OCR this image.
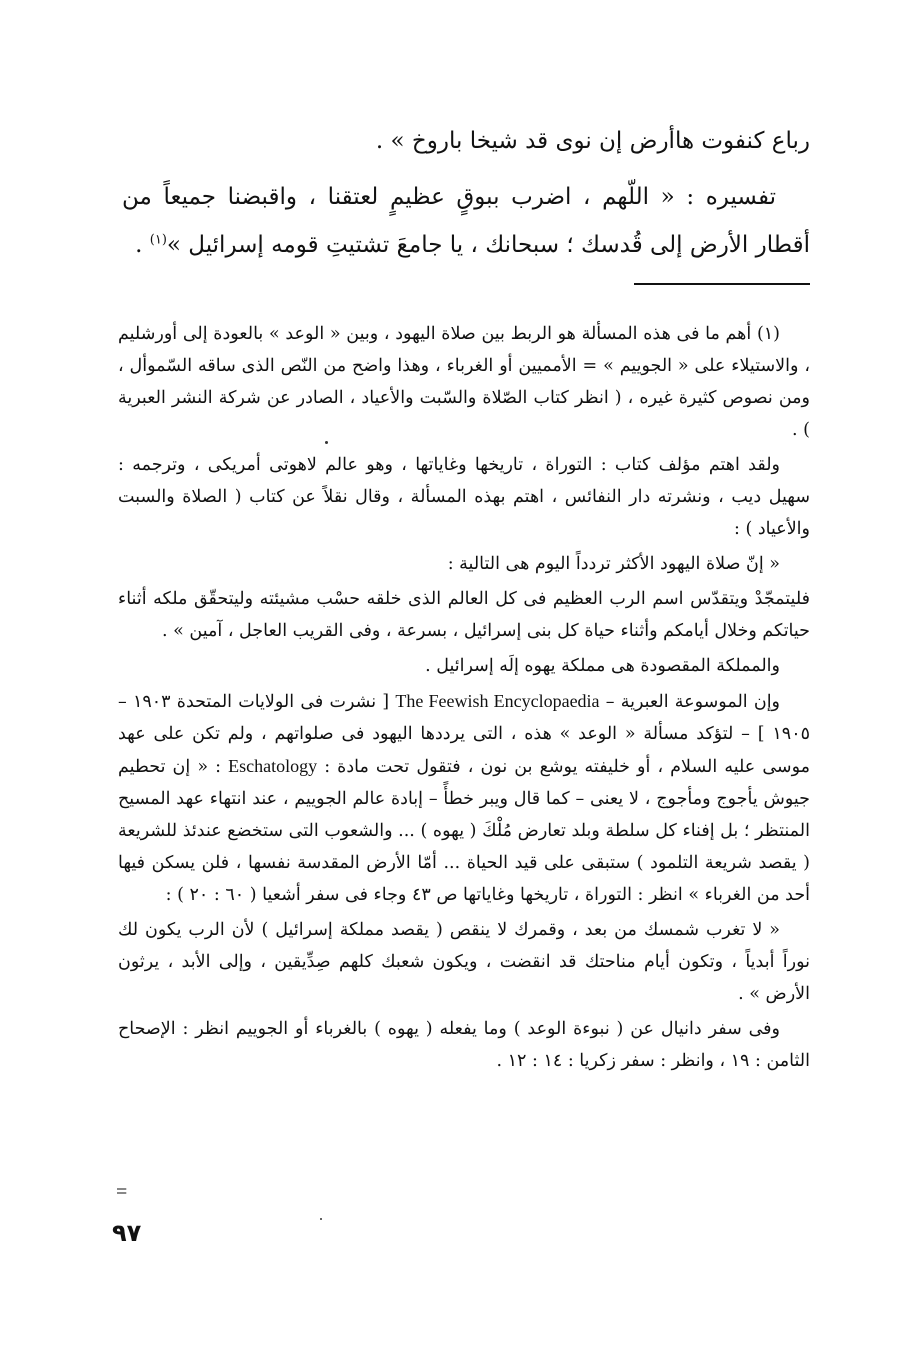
رباع كنفوت هاأرض إن نوى قد شيخا باروخ » .

تفسيره : « اللّهم ، اضرب ببوقٍ عظيمٍ لعتقنا ، واقبضنا جميعاً من أقطار الأرض إلى قُدسك ؛ سبحانك ، يا جامعَ تشتيتِ قومه إسرائيل »$^{(١)}$ .

(١) أهم ما فى هذه المسألة هو الربط بين صلاة اليهود ، وبين « الوعد » بالعودة إلى أورشليم ، والاستيلاء على « الجوييم » = الأمميين أو الغرباء ، وهذا واضح من النّص الذى ساقه السّموأل ، ومن نصوص كثيرة غيره ، ( انظر كتاب الصّلاة والسّبت والأعياد ، الصادر عن شركة النشر العبرية ) .

ولقد اهتم مؤلف كتاب : التوراة ، تاريخها وغاياتها ، وهو عالم لاهوتى أمريكى ، وترجمه : سهيل ديب ، ونشرته دار النفائس ، اهتم بهذه المسألة ، وقال نقلاً عن كتاب ( الصلاة والسبت والأعياد ) :

« إنّ صلاة اليهود الأكثر تردداً اليوم هى التالية :

فليتمجّدْ ويتقدّس اسم الرب العظيم فى كل العالم الذى خلقه حسْب مشيئته وليتحقّق ملكه أثناء حياتكم وخلال أيامكم وأثناء حياة كل بنى إسرائيل ، بسرعة ، وفى القريب العاجل ، آمين » .

والمملكة المقصودة هى مملكة يهوه إلَه إسرائيل .

وإن الموسوعة العبرية – The Feewish Encyclopaedia [ نشرت فى الولايات المتحدة ١٩٠٣ – ١٩٠٥ ] – لتؤكد مسألة « الوعد » هذه ، التى يرددها اليهود فى صلواتهم ، ولم تكن على عهد موسى عليه السلام ، أو خليفته يوشع بن نون ، فتقول تحت مادة : Eschatology : « إن تحطيم جيوش يأجوج ومأجوج ، لا يعنى – كما قال ويبر خطأً – إبادة عالم الجوييم ، عند انتهاء عهد المسيح المنتظر ؛ بل إفناء كل سلطة وبلد تعارض مُلْكَ ( يهوه ) ... والشعوب التى ستخضع عندئذ للشريعة ( يقصد شريعة التلمود ) ستبقى على قيد الحياة ... أمّا الأرض المقدسة نفسها ، فلن يسكن فيها أحد من الغرباء » انظر : التوراة ، تاريخها وغاياتها ص ٤٣ وجاء فى سفر أشعيا ( ٦٠ : ٢٠ ) :

« لا تغرب شمسك من بعد ، وقمرك لا ينقص ( يقصد مملكة إسرائيل ) لأن الرب يكون لك نوراً أبدياً ، وتكون أيام مناحتك قد انقضت ، ويكون شعبك كلهم صِدِّيقين ، وإلى الأبد ، يرثون الأرض » .

وفى سفر دانيال عن ( نبوءة الوعد ) وما يفعله ( يهوه ) بالغرباء أو الجوييم انظر : الإصحاح الثامن : ١٩ ، وانظر : سفر زكريا : ١٤ : ١٢ .

=
٩٧
